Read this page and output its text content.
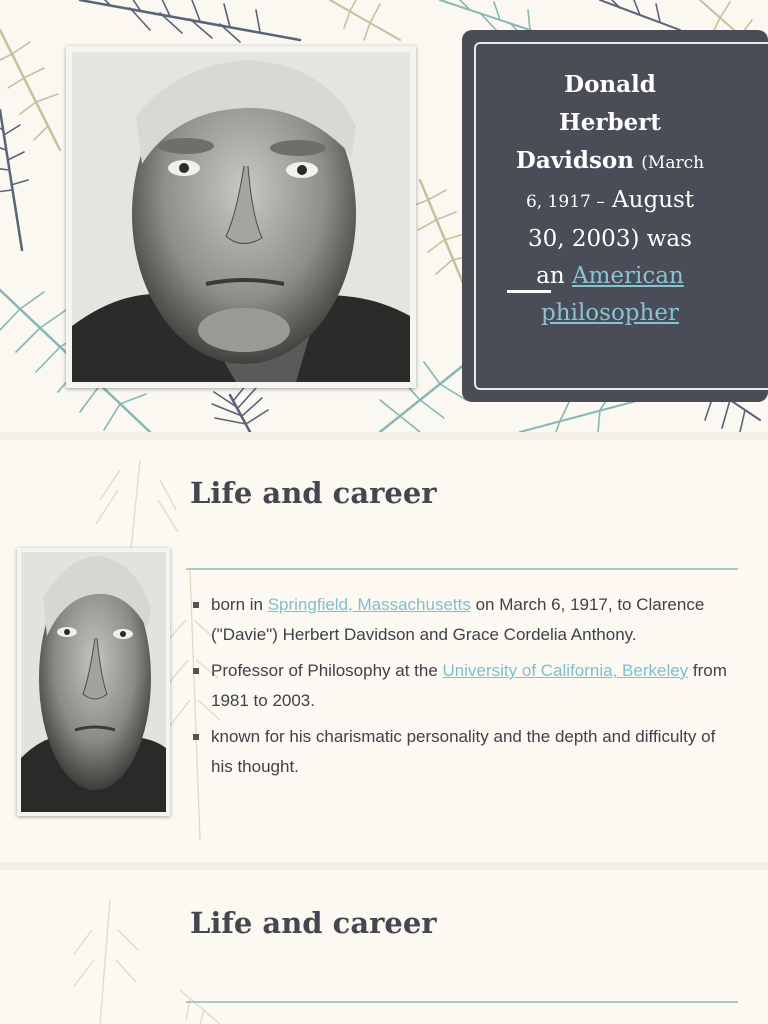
Donald
Herbert
Davidson (March
6, 1917 – August
30, 2003) was
an American
philosopher
Life and career
born in Springfield, Massachusetts on March 6, 1917, to Clarence ("Davie") Herbert Davidson and Grace Cordelia Anthony.
Professor of Philosophy at the University of California, Berkeley from 1981 to 2003.
known for his charismatic personality and the depth and difficulty of his thought.
Life and career
